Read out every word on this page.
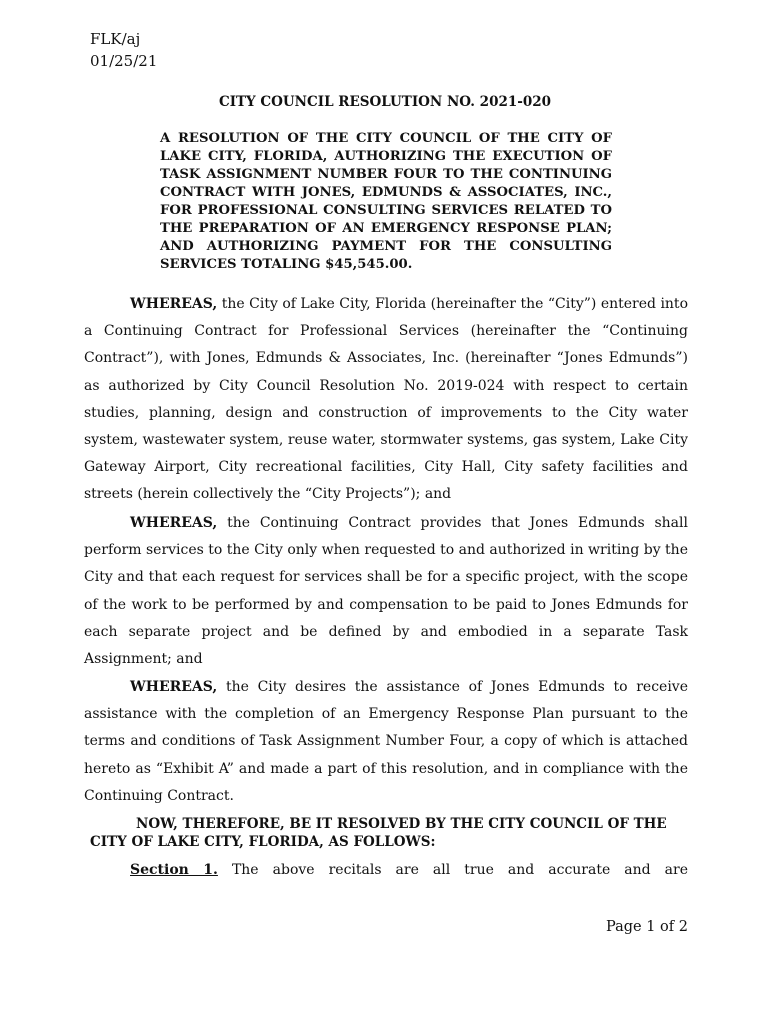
FLK/aj
01/25/21
CITY COUNCIL RESOLUTION NO. 2021-020
A RESOLUTION OF THE CITY COUNCIL OF THE CITY OF LAKE CITY, FLORIDA, AUTHORIZING THE EXECUTION OF TASK ASSIGNMENT NUMBER FOUR TO THE CONTINUING CONTRACT WITH JONES, EDMUNDS & ASSOCIATES, INC., FOR PROFESSIONAL CONSULTING SERVICES RELATED TO THE PREPARATION OF AN EMERGENCY RESPONSE PLAN; AND AUTHORIZING PAYMENT FOR THE CONSULTING SERVICES TOTALING $45,545.00.
WHEREAS, the City of Lake City, Florida (hereinafter the “City”) entered into a Continuing Contract for Professional Services (hereinafter the “Continuing Contract”), with Jones, Edmunds & Associates, Inc. (hereinafter “Jones Edmunds”) as authorized by City Council Resolution No. 2019-024 with respect to certain studies, planning, design and construction of improvements to the City water system, wastewater system, reuse water, stormwater systems, gas system, Lake City Gateway Airport, City recreational facilities, City Hall, City safety facilities and streets (herein collectively the “City Projects”); and
WHEREAS, the Continuing Contract provides that Jones Edmunds shall perform services to the City only when requested to and authorized in writing by the City and that each request for services shall be for a specific project, with the scope of the work to be performed by and compensation to be paid to Jones Edmunds for each separate project and be defined by and embodied in a separate Task Assignment; and
WHEREAS, the City desires the assistance of Jones Edmunds to receive assistance with the completion of an Emergency Response Plan pursuant to the terms and conditions of Task Assignment Number Four, a copy of which is attached hereto as “Exhibit A” and made a part of this resolution, and in compliance with the Continuing Contract.
NOW, THEREFORE, BE IT RESOLVED BY THE CITY COUNCIL OF THE CITY OF LAKE CITY, FLORIDA, AS FOLLOWS:
Section 1. The above recitals are all true and accurate and are
Page 1 of 2
